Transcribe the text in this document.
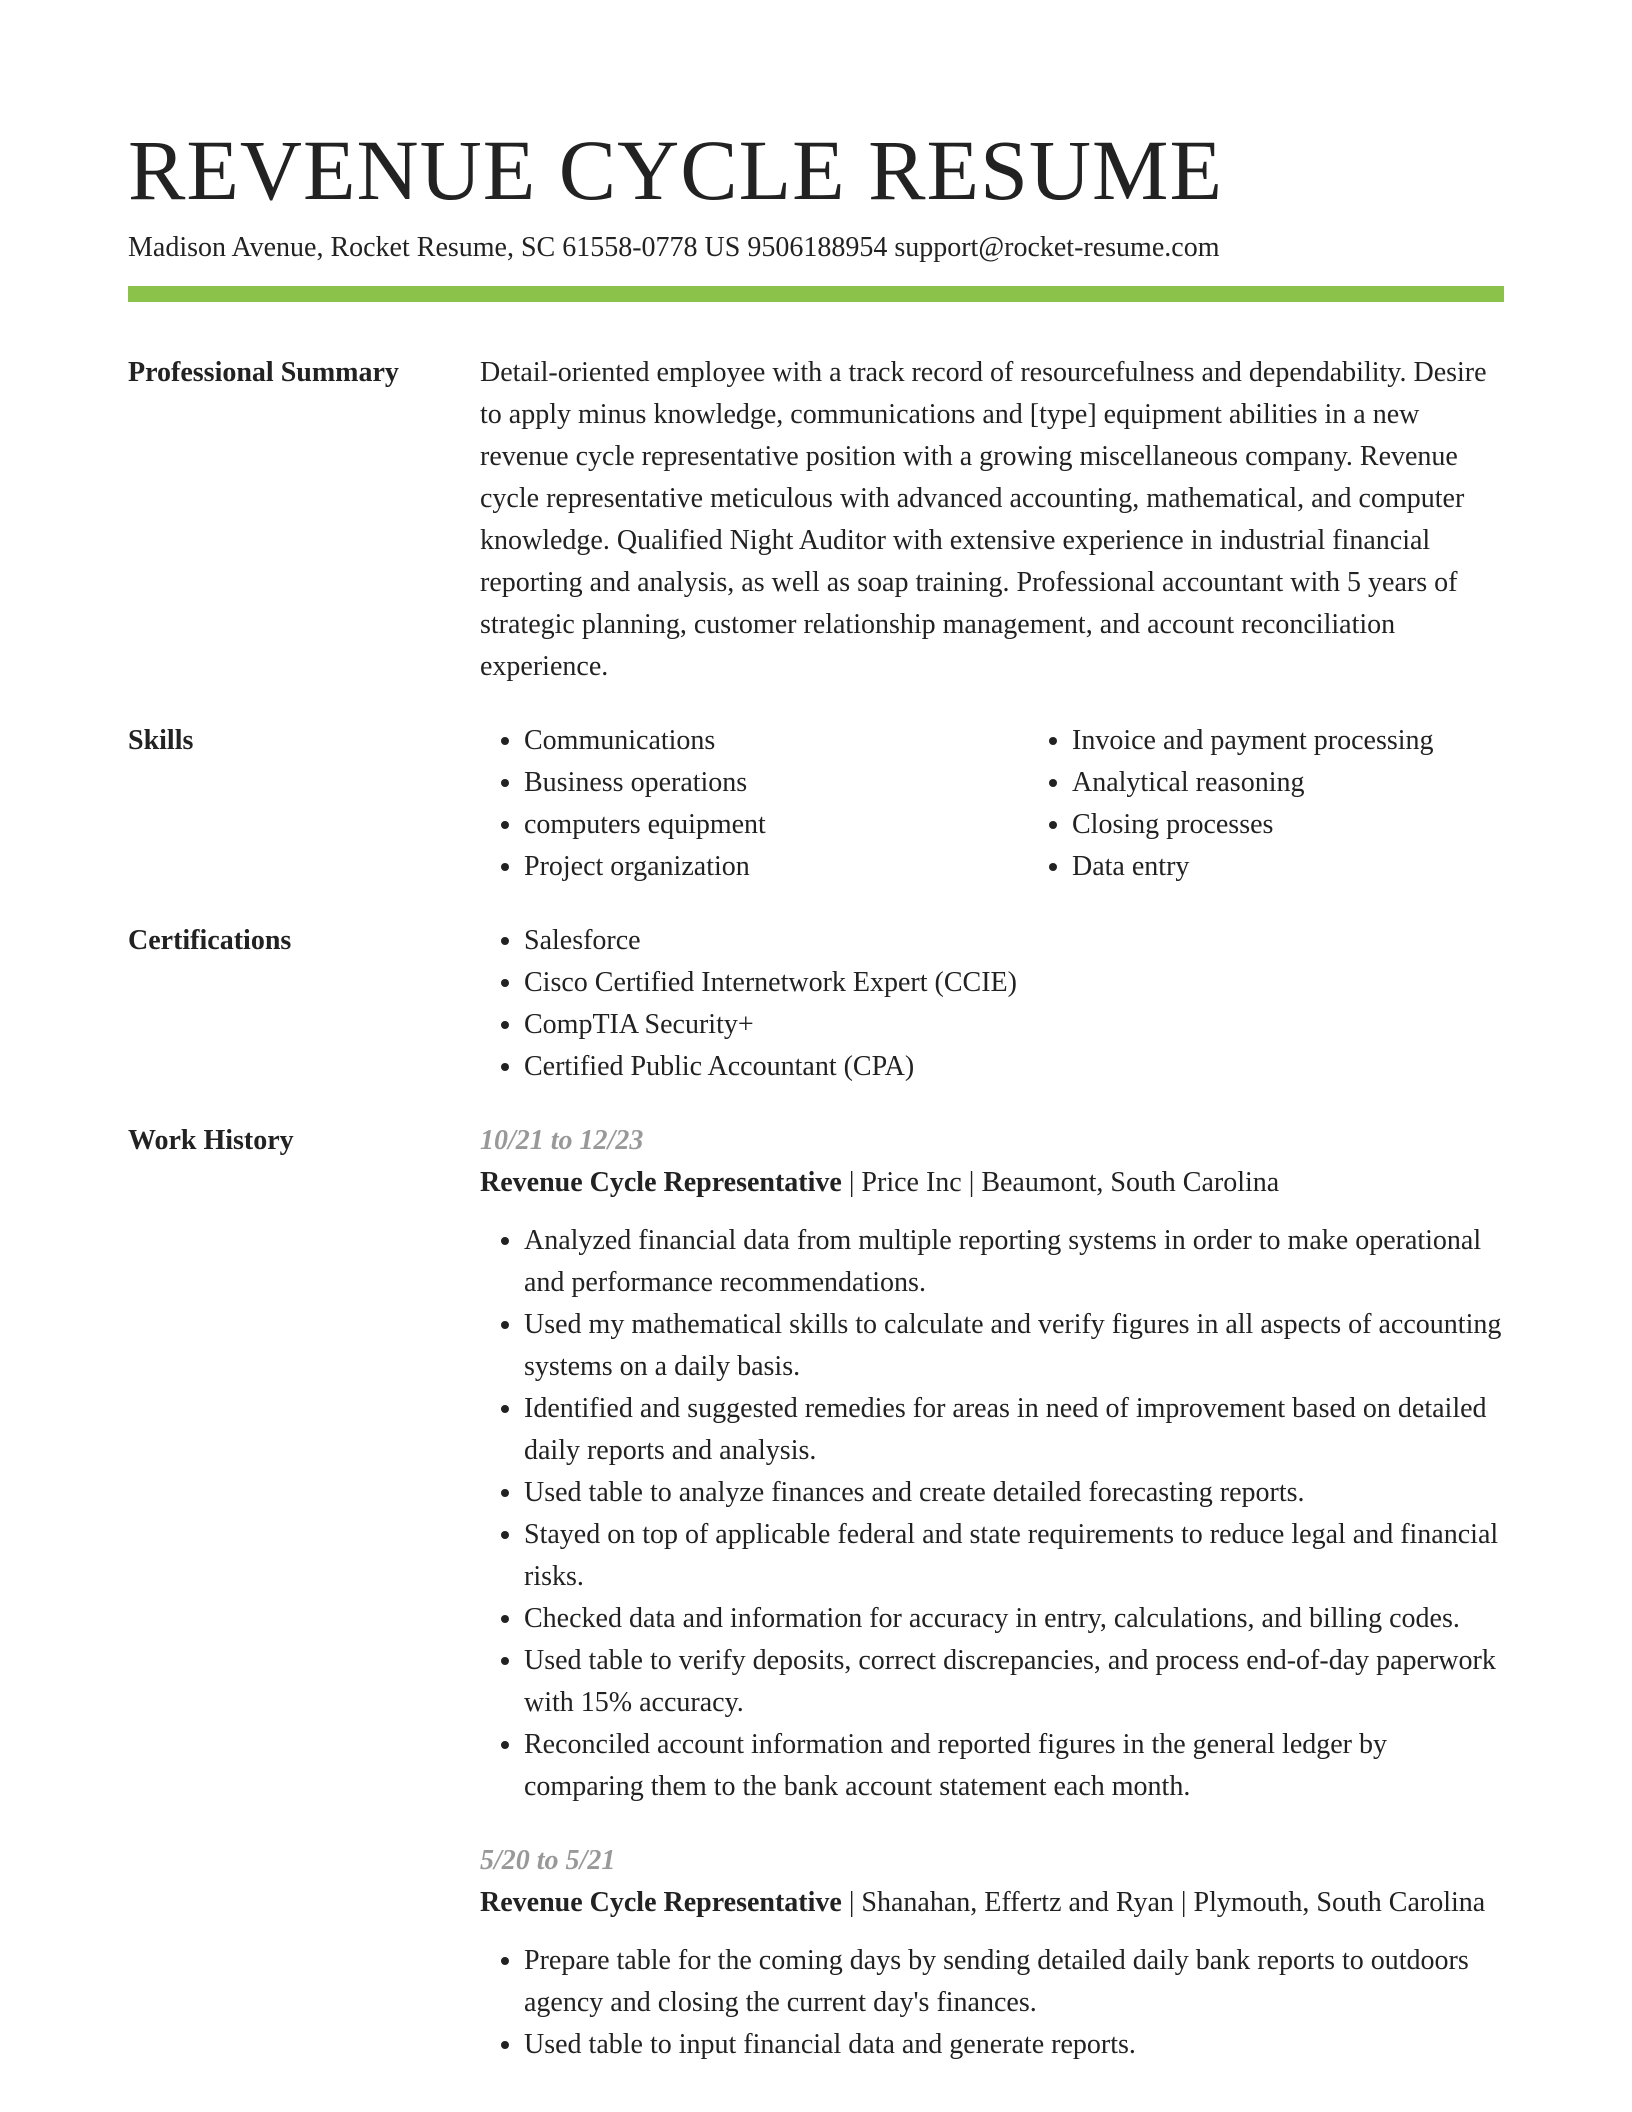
REVENUE CYCLE RESUME
Madison Avenue, Rocket Resume, SC 61558-0778 US 9506188954 support@rocket-resume.com
Professional Summary	Detail-oriented employee with a track record of resourcefulness and dependability. Desire to apply minus knowledge, communications and [type] equipment abilities in a new revenue cycle representative position with a growing miscellaneous company. Revenue cycle representative meticulous with advanced accounting, mathematical, and computer knowledge. Qualified Night Auditor with extensive experience in industrial financial reporting and analysis, as well as soap training. Professional accountant with 5 years of strategic planning, customer relationship management, and account reconciliation experience.

Skills	• Communications
• Business operations
• computers equipment
• Project organization
• Invoice and payment processing
• Analytical reasoning
• Closing processes
• Data entry
Certifications	• Salesforce
• Cisco Certified Internetwork Expert (CCIE)
• CompTIA Security+
• Certified Public Accountant (CPA)
Work History	10/21 to 12/23
Revenue Cycle Representative | Price Inc | Beaumont, South Carolina
• Analyzed financial data from multiple reporting systems in order to make operational and performance recommendations.
• Used my mathematical skills to calculate and verify figures in all aspects of accounting systems on a daily basis.
• Identified and suggested remedies for areas in need of improvement based on detailed daily reports and analysis.
• Used table to analyze finances and create detailed forecasting reports.
• Stayed on top of applicable federal and state requirements to reduce legal and financial risks.
• Checked data and information for accuracy in entry, calculations, and billing codes.
• Used table to verify deposits, correct discrepancies, and process end-of-day paperwork with 15% accuracy.
• Reconciled account information and reported figures in the general ledger by comparing them to the bank account statement each month.
5/20 to 5/21
Revenue Cycle Representative | Shanahan, Effertz and Ryan | Plymouth, South Carolina
• Prepare table for the coming days by sending detailed daily bank reports to outdoors agency and closing the current day's finances.
• Used table to input financial data and generate reports.
